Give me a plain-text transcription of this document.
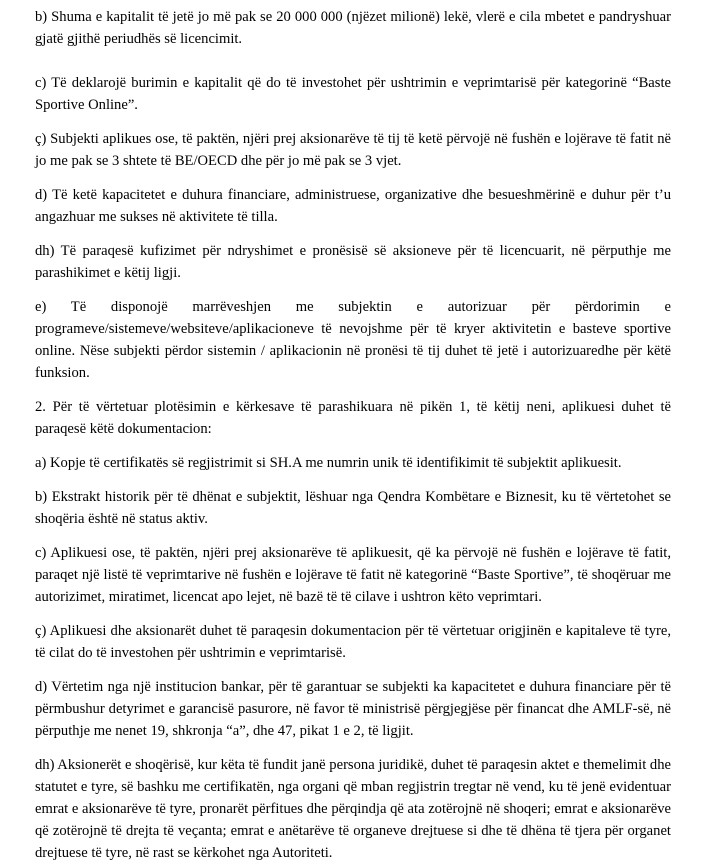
b) Shuma e kapitalit të jetë jo më pak se 20 000 000 (njëzet milionë) lekë, vlerë e cila mbetet e pandryshuar gjatë gjithë periudhës së licencimit.

c) Të deklarojë burimin e kapitalit që do të investohet për ushtrimin e veprimtarisë për kategorinë “Baste Sportive Online”.

ç) Subjekti aplikues ose, të paktën, njëri prej aksionarëve të tij të ketë përvojë në fushën e lojërave të fatit në jo me pak se 3 shtete të BE/OECD dhe për jo më pak se 3 vjet.

d) Të ketë kapacitetet e duhura financiare, administruese, organizative dhe besueshmërinë e duhur për t’u angazhuar me sukses në aktivitete të tilla.

dh) Të paraqesë kufizimet për ndryshimet e pronësisë së aksioneve për të licencuarit, në përputhje me parashikimet e këtij ligji.

e) Të disponojë marrëveshjen me subjektin e autorizuar për përdorimin e programeve/sistemeve/websiteve/aplikacioneve të nevojshme për të kryer aktivitetin e basteve sportive online. Nëse subjekti përdor sistemin / aplikacionin në pronësi të tij duhet të jetë i autorizuaredhe për këtë funksion.

2. Për të vërtetuar plotësimin e kërkesave të parashikuara në pikën 1, të këtij neni, aplikuesi duhet të paraqesë këtë dokumentacion:

a) Kopje të certifikatës së regjistrimit si SH.A me numrin unik të identifikimit të subjektit aplikuesit.

b) Ekstrakt historik për të dhënat e subjektit, lëshuar nga Qendra Kombëtare e Biznesit, ku të vërtetohet se shoqëria është në status aktiv.

c) Aplikuesi ose, të paktën, njëri prej aksionarëve të aplikuesit, që ka përvojë në fushën e lojërave të fatit, paraqet një listë të veprimtarive në fushën e lojërave të fatit në kategorinë “Baste Sportive”, të shoqëruar me autorizimet, miratimet, licencat apo lejet, në bazë të të cilave i ushtron këto veprimtari.

ç) Aplikuesi dhe aksionarët duhet të paraqesin dokumentacion për të vërtetuar origjinën e kapitaleve të tyre, të cilat do të investohen për ushtrimin e veprimtarisë.

d) Vërtetim nga një institucion bankar, për të garantuar se subjekti ka kapacitetet e duhura financiare për të përmbushur detyrimet e garancisë pasurore, në favor të ministrisë përgjegjëse për financat dhe AMLF-së, në përputhje me nenet 19, shkronja “a”, dhe 47, pikat 1 e 2, të ligjit.

dh) Aksionerët e shoqërisë, kur këta të fundit janë persona juridikë, duhet të paraqesin aktet e themelimit dhe statutet e tyre, së bashku me certifikatën, nga organi që mban regjistrin tregtar në vend, ku të jenë evidentuar emrat e aksionarëve të tyre, pronarët përfitues dhe përqindja që ata zotërojnë në shoqeri; emrat e aksionarëve që zotërojnë të drejta të veçanta; emrat e anëtarëve të organeve drejtuese si dhe të dhëna të tjera për organet drejtuese të tyre, në rast se kërkohet nga Autoriteti.
